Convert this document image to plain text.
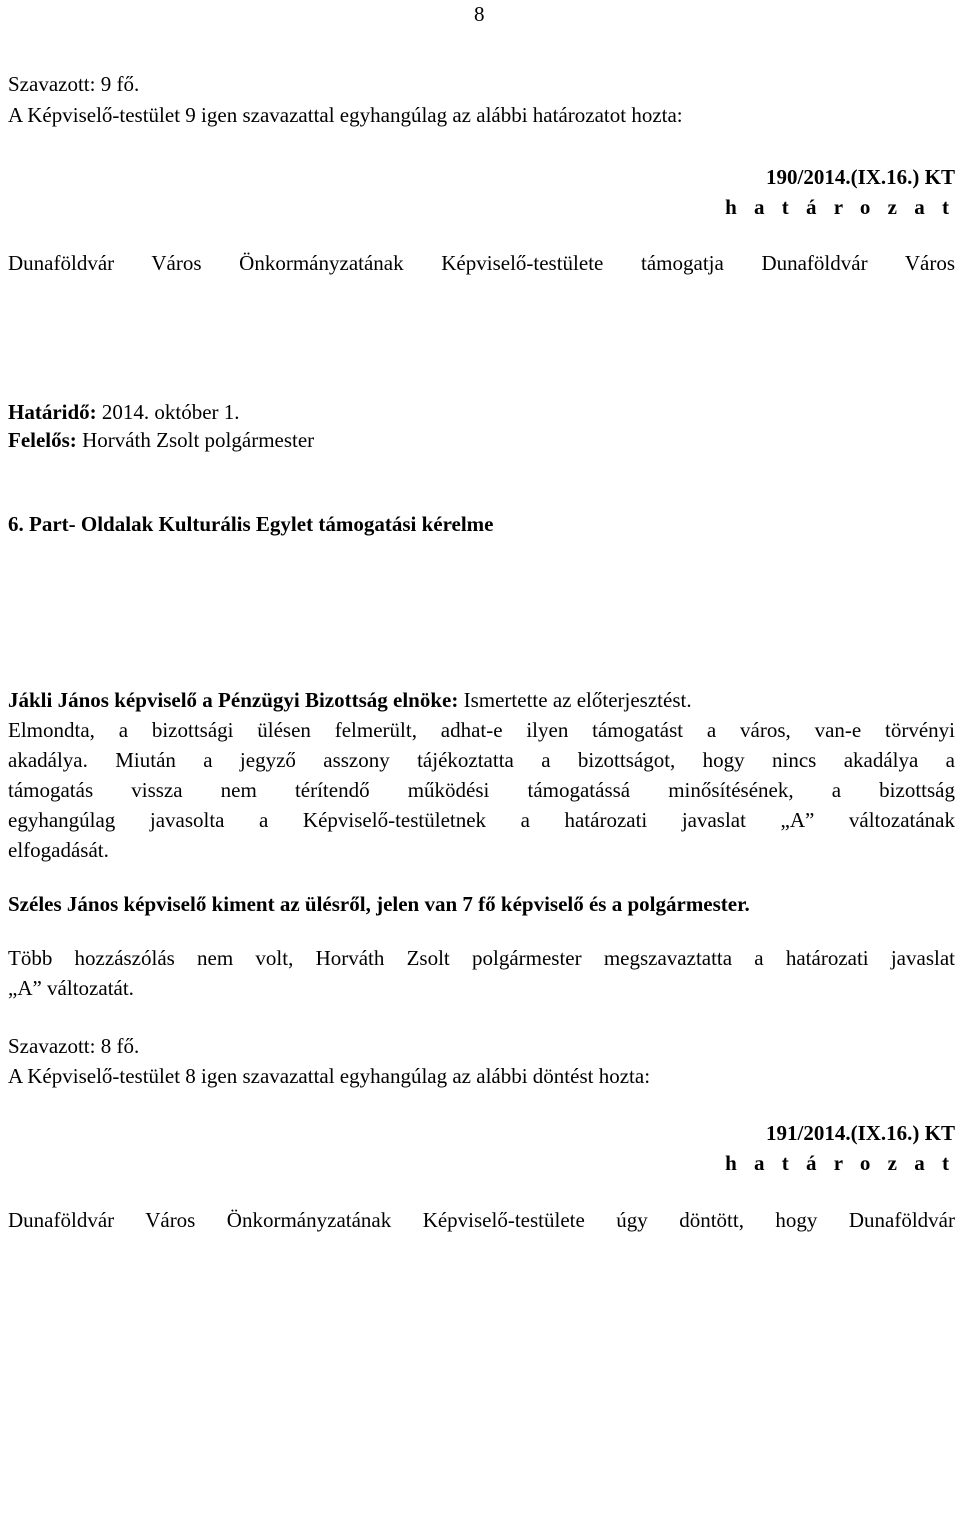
8
Szavazott: 9 fő.
A Képviselő-testület 9 igen szavazattal egyhangúlag az alábbi határozatot hozta:
190/2014.(IX.16.) KT
h a t á r o z a t
Dunaföldvár Város Önkormányzatának Képviselő-testülete támogatja Dunaföldvár Város
Határidő: 2014. október 1.
Felelős: Horváth Zsolt polgármester
6. Part- Oldalak Kulturális Egylet támogatási kérelme
Jákli János képviselő a Pénzügyi Bizottság elnöke: Ismertette az előterjesztést.
Elmondta, a bizottsági ülésen felmerült, adhat-e ilyen támogatást a város, van-e törvényi
akadálya. Miután a jegyző asszony tájékoztatta a bizottságot, hogy nincs akadálya a
támogatás vissza nem térítendő működési támogatássá minősítésének, a bizottság
egyhangúlag javasolta a Képviselő-testületnek a határozati javaslat „A” változatának
elfogadását.
Széles János képviselő kiment az ülésről, jelen van 7 fő képviselő és a polgármester.
Több hozzászólás nem volt, Horváth Zsolt polgármester megszavaztatta a határozati javaslat
„A” változatát.
Szavazott: 8 fő.
A Képviselő-testület 8 igen szavazattal egyhangúlag az alábbi döntést hozta:
191/2014.(IX.16.) KT
h a t á r o z a t
Dunaföldvár Város Önkormányzatának Képviselő-testülete úgy döntött, hogy Dunaföldvár
